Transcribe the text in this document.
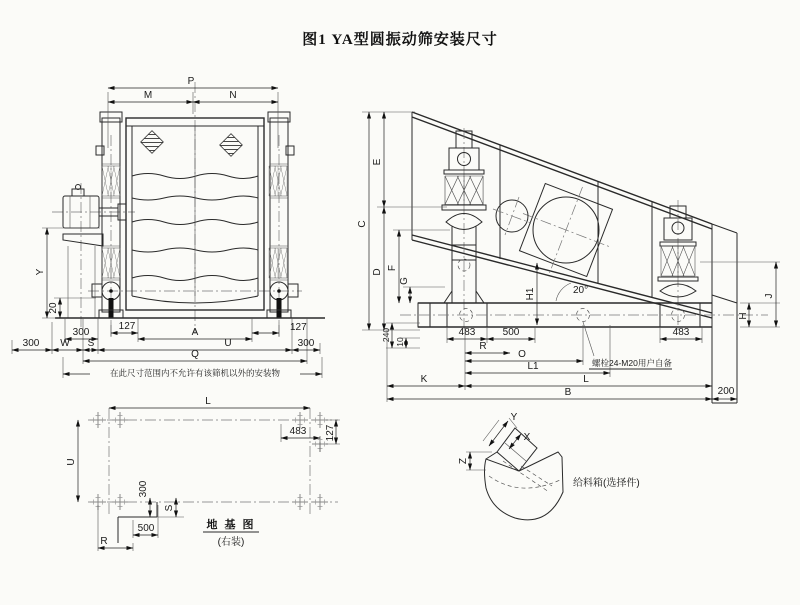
图1 YA型圆振动筛安装尺寸
P
M	N
Y
20
127	127
300	A
300 W S	U	300
Q
在此尺寸范围内不允许有该筛机以外的安装物
C
E
D
F
G
240 10
H1	20°
483	500	483
R
O
L1
K	L
B	200
J
H
螺栓24-M20用户自备
L
U
483 127
300
S
500
R
地 基 图
(右装)
Y
X
Z
给料箱(选择件)
